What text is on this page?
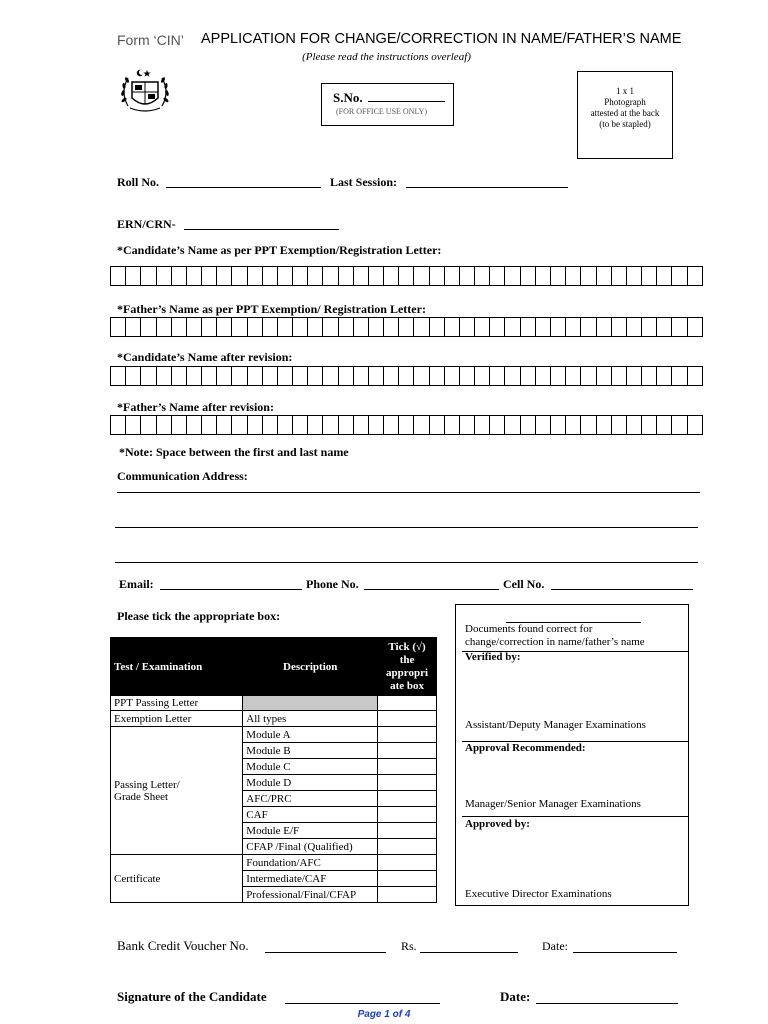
Form ‘CIN’ APPLICATION FOR CHANGE/CORRECTION IN NAME/FATHER’S NAME
(Please read the instructions overleaf)
S.No.
(FOR OFFICE USE ONLY)
1 x 1
Photograph
attested at the back
(to be stapled)
Roll No.	Last Session:
ERN/CRN-
*Candidate’s Name as per PPT Exemption/Registration Letter:
*Father’s Name as per PPT Exemption/ Registration Letter:
*Candidate’s Name after revision:
*Father’s Name after revision:
*Note: Space between the first and last name
Communication Address:
Email:	Phone No.	Cell No.
Please tick the appropriate box:
Test / Examination	Description	Tick (√)
the
appropri
ate box

PPT Passing Letter		
Exemption Letter	All types	

Passing Letter/
Grade Sheet	Module A	
	Module B	
	Module C	
	Module D	
	AFC/PRC	
	CAF	
	Module E/F	
	CFAP /Final (Qualified)	
Certificate	Foundation/AFC	
	Intermediate/CAF	
	Professional/Final/CFAP	
Documents found correct for
change/correction in name/father’s name
Verified by:
Assistant/Deputy Manager Examinations
Approval Recommended:
Manager/Senior Manager Examinations
Approved by:
Executive Director Examinations
Bank Credit Voucher No.	Rs.	Date:
Signature of the Candidate	Date:
Page 1 of 4
